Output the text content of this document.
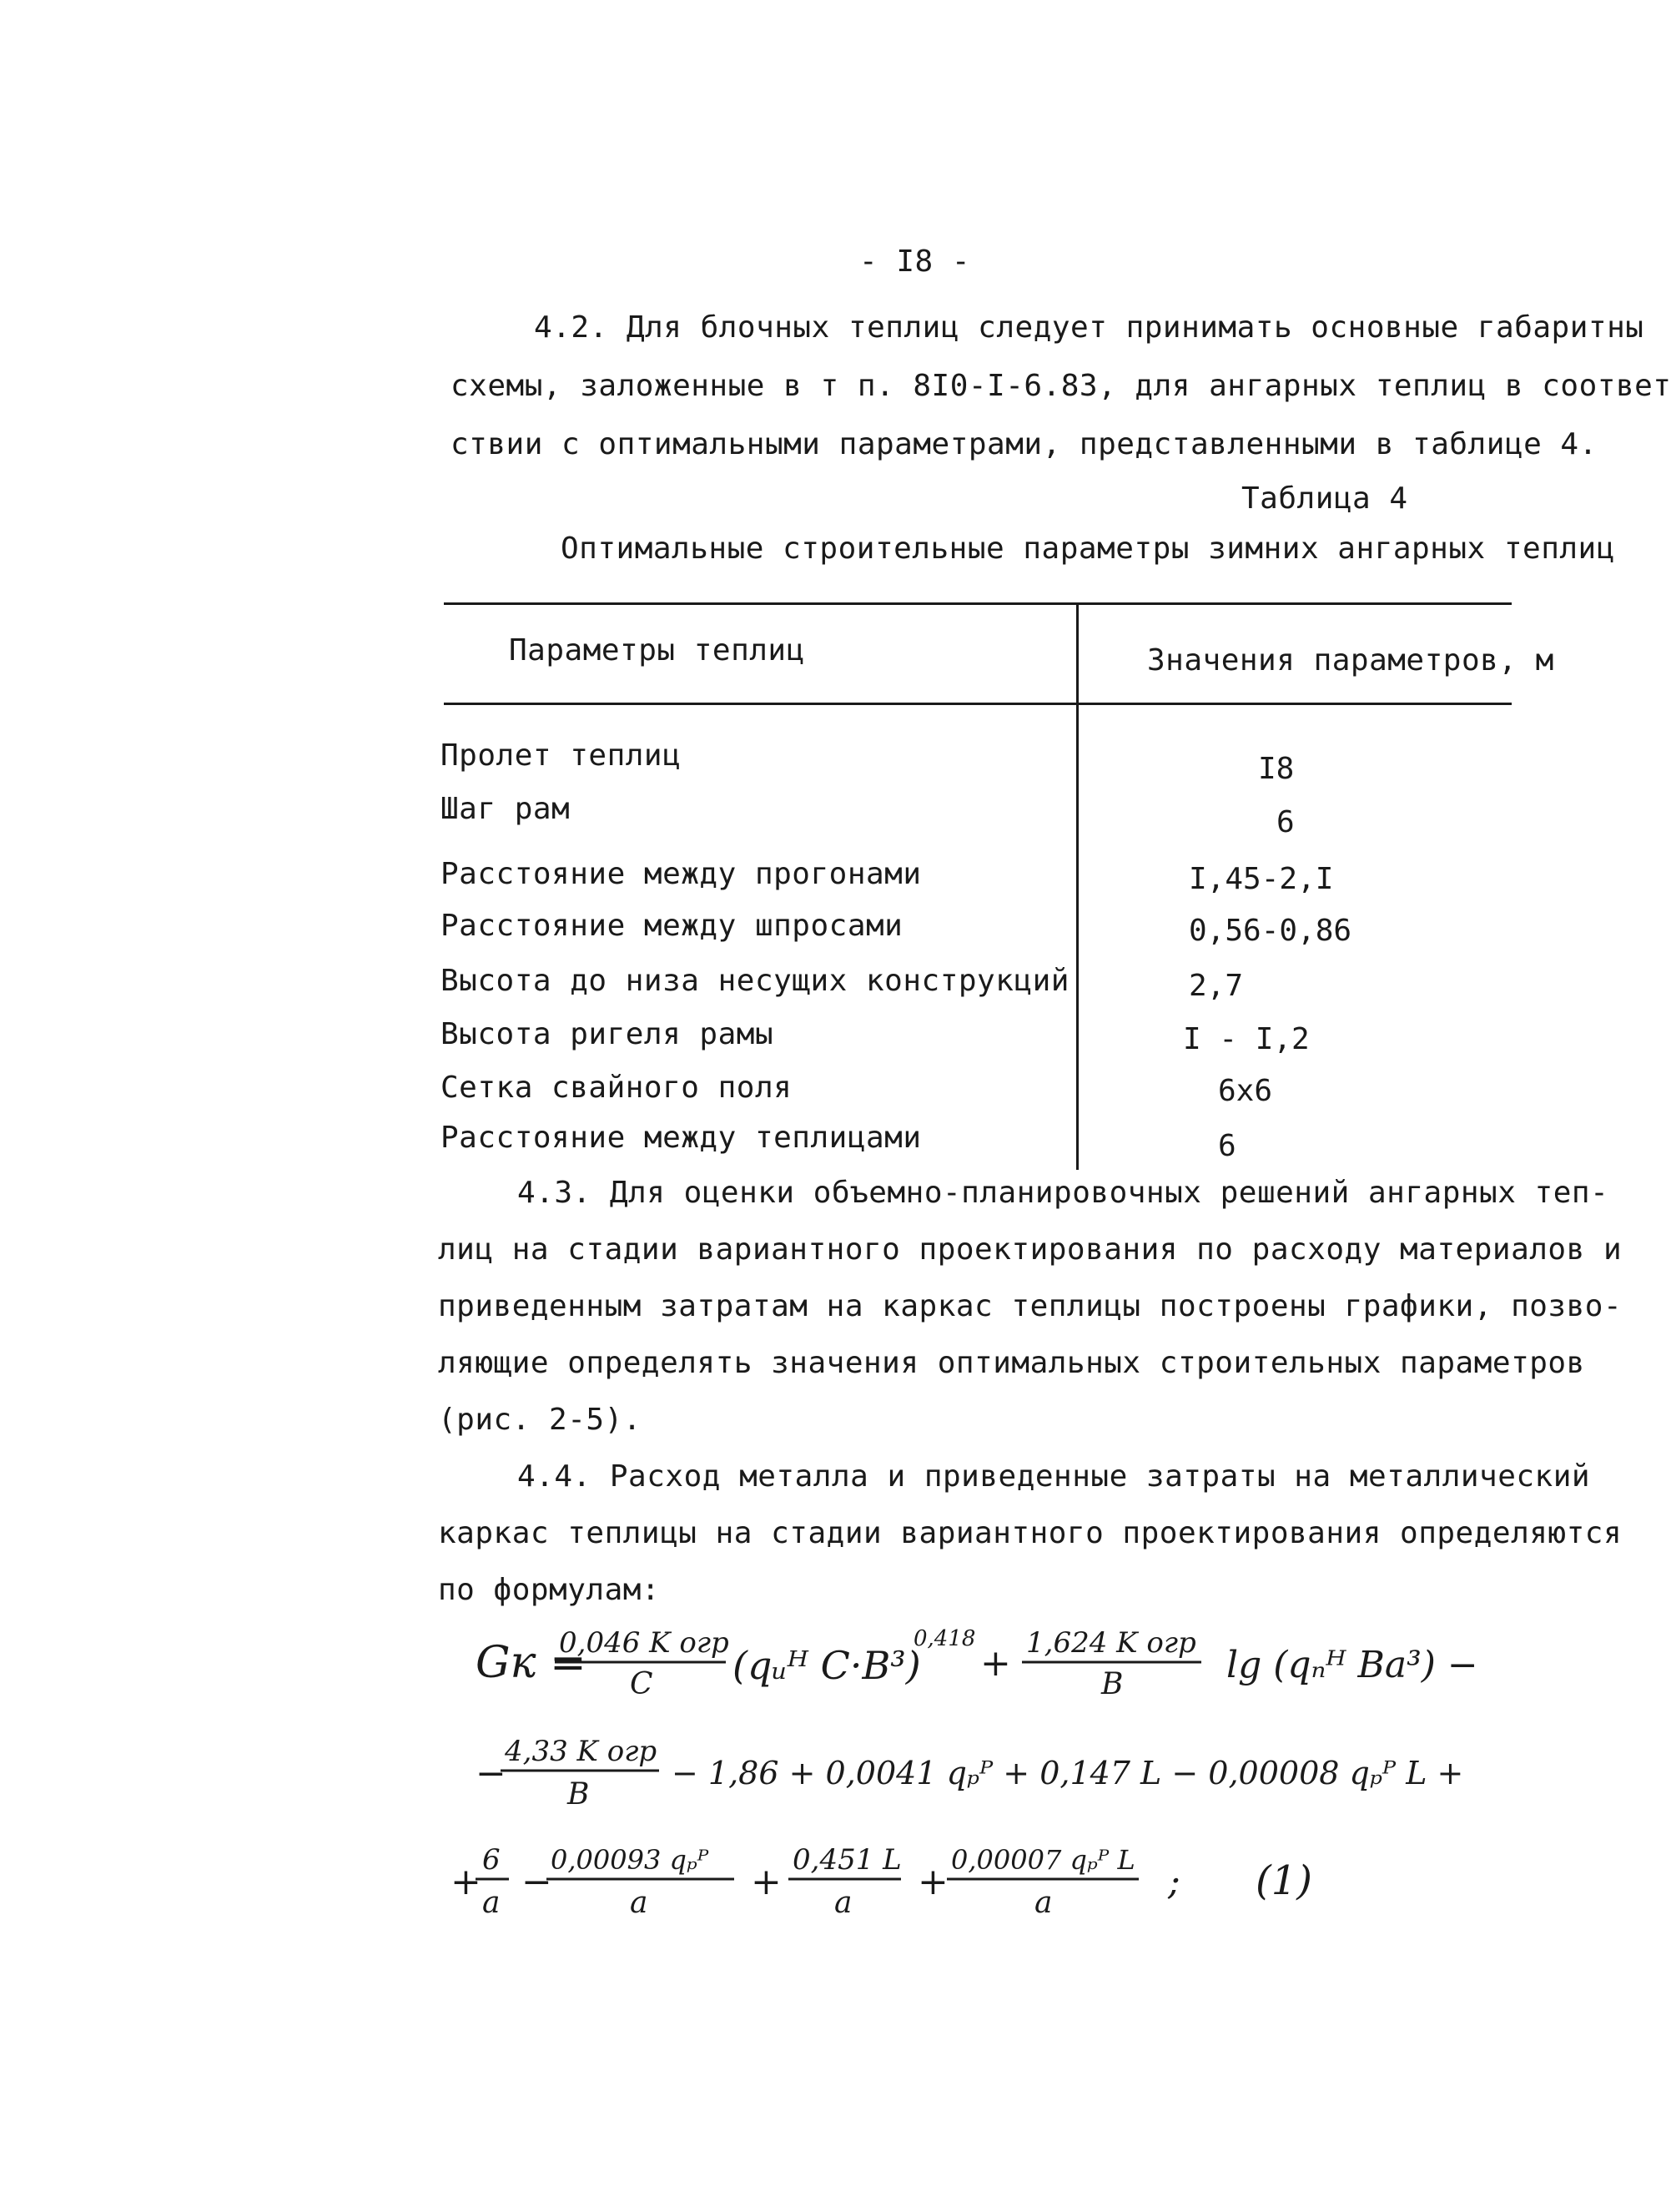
- I8 -
4.2. Для блочных теплиц следует принимать основные габаритны
схемы, заложенные в т п. 8I0-I-6.83, для ангарных теплиц в соответ
ствии с оптимальными параметрами, представленными в таблице 4.
Таблица 4
Оптимальные строительные параметры зимних ангарных теплиц
Параметры теплиц	Значения параметров, м
Пролет теплиц	I8
Шаг рам	6
Расстояние между прогонами	I,45-2,I
Расстояние между шпросами	0,56-0,86
Высота до низа несущих конструкций	2,7
Высота ригеля рамы	I - I,2
Сетка свайного поля	6х6
Расстояние между теплицами	6
4.3. Для оценки объемно-планировочных решений ангарных теп-
лиц на стадии вариантного проектирования по расходу материалов и
приведенным затратам на каркас теплицы построены графики, позво-
ляющие определять значения оптимальных строительных параметров
(рис. 2-5).
4.4. Расход металла и приведенные затраты на металлический
каркас теплицы на стадии вариантного проектирования определяются
по формулам:
Gк =
0,046 K огр
C (qᵤᴴ C·B³)
0,418
+ 1,624 K огр
B	lg (qₙᴴ Ba³) −
−
4,33 K огр
B
− 1,86 + 0,0041 qₚᴾ + 0,147 L − 0,00008 qₚᴾ L +
+
6
a −
0,00093 qₚᴾ
a	+
0,451 L
a +
0,00007 qₚᴾ L
a	; (1)
